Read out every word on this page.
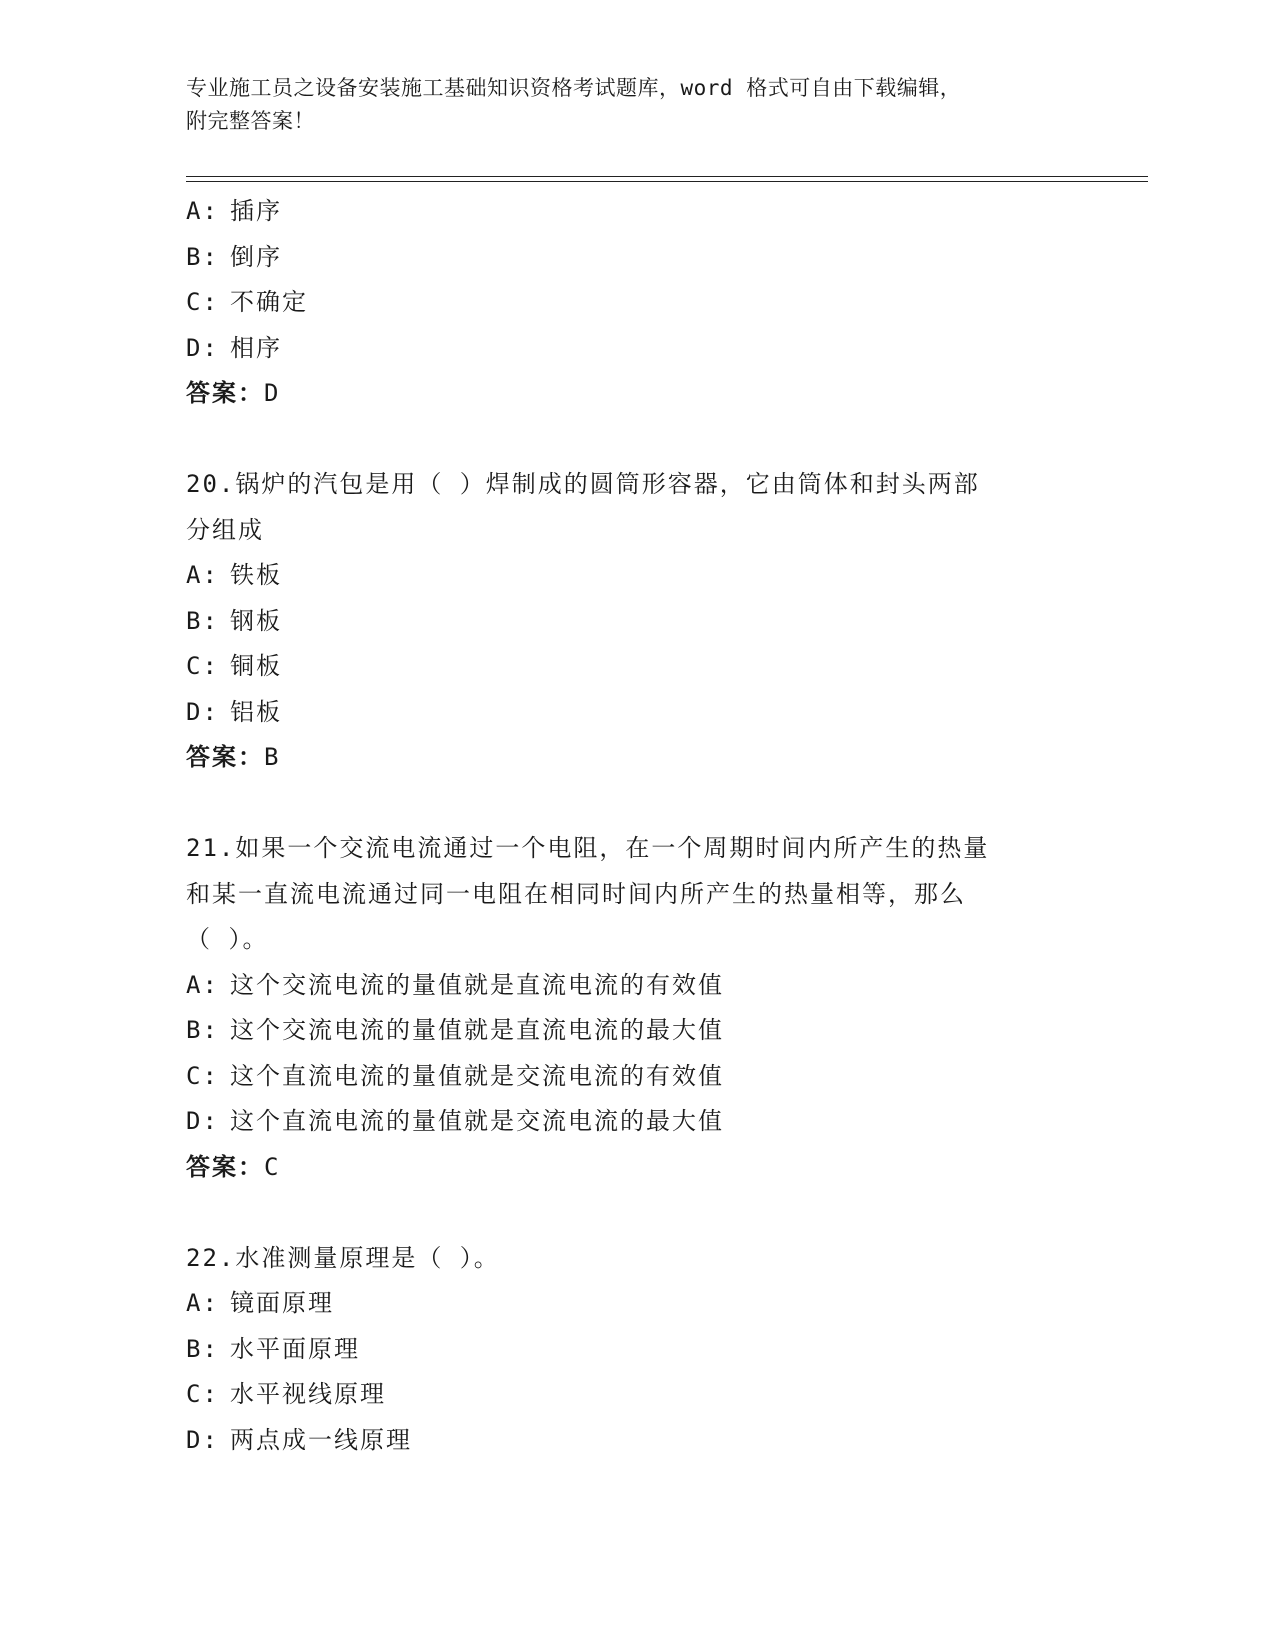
专业施工员之设备安装施工基础知识资格考试题库，word 格式可自由下载编辑，
附完整答案！
A: 插序
B: 倒序
C: 不确定
D: 相序
答案：D
20.锅炉的汽包是用（ ）焊制成的圆筒形容器，它由筒体和封头两部
分组成
A: 铁板
B: 钢板
C: 铜板
D: 铝板
答案：B
21.如果一个交流电流通过一个电阻，在一个周期时间内所产生的热量
和某一直流电流通过同一电阻在相同时间内所产生的热量相等，那么
（ ）。
A: 这个交流电流的量值就是直流电流的有效值
B: 这个交流电流的量值就是直流电流的最大值
C: 这个直流电流的量值就是交流电流的有效值
D: 这个直流电流的量值就是交流电流的最大值
答案：C
22.水准测量原理是（ ）。
A: 镜面原理
B: 水平面原理
C: 水平视线原理
D: 两点成一线原理
